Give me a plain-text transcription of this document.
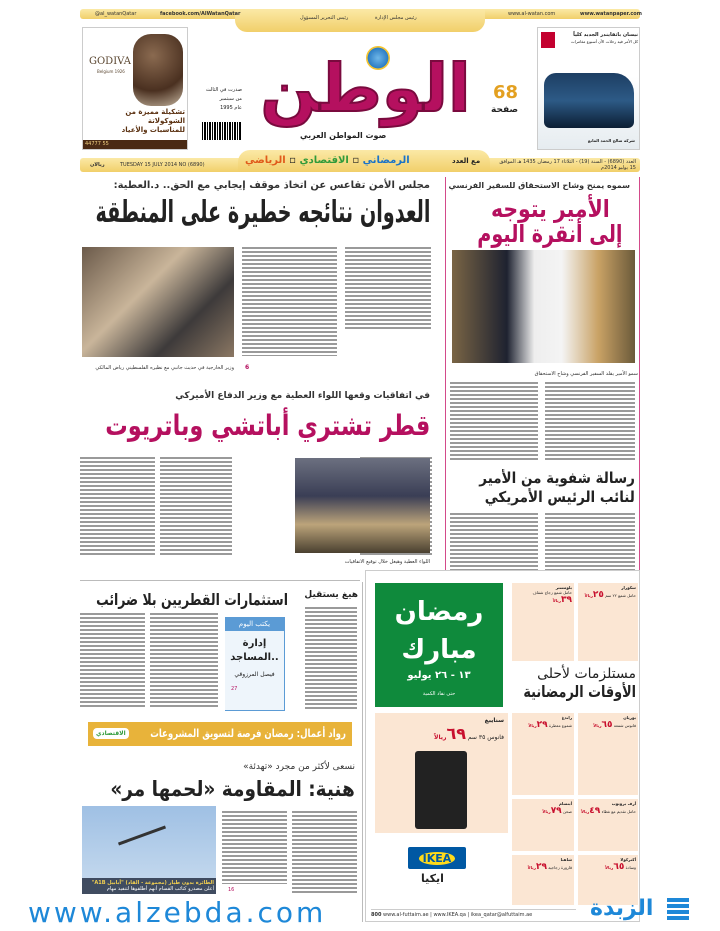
@al_watanQatar	facebook.com/AlWatanQatar
رئيس التحرير المسؤول	رئيس مجلس الإدارة
www.al-watan.com	www.watanpaper.com
GODIVA
Belgium 1926
تشكيلة مميزة من الشوكولاتة
للمناسبات والأعياد
44777 55
صدرت في الثالث
من سبتمبر
عام 1995 الوطن
صوت المواطن العربي
68
صفحة
نيسان باثفايندر الجديد كلياً
كل الأمر فيه رحلات الآن أسبوع مغامرات
شركة صالح الحمد المانع
ريالان	TUESDAY 15 JULY 2014 NO (6890)	الرمضاني ▫ الاقتصادي ▫ الرياضي	مع العدد	العدد (6890) - السنة (19) - الثلاثاء 17 رمضان 1435 هـ الموافق 15 يوليو 2014م
مجلس الأمن تقاعس عن اتخاذ موقف إيجابي مع الحق.. د.العطية:
العدوان نتائجه خطيرة على المنطقة
وزير الخارجية في حديث جانبي مع نظيره الفلسطيني رياض المالكي 6
سموه يمنح وشاح الاستحقاق للسفير الفرنسي
الأمير يتوجه
إلى أنقرة اليوم
سمو الأمير يقلد السفير الفرنسي وشاح الاستحقاق
رسالة شفوية من الأمير
لنائب الرئيس الأمريكي
في اتفاقيات وقعها اللواء العطية مع وزير الدفاع الأميركي
قطر تشتري أباتشي وباتريوت
اللواء العطية وهيغل خلال توقيع الاتفاقيات
استثمارات القطريين بلا ضرائب هيغ يستقيل
يكتب اليوم
إدارة
المساجد..
فيصل المرزوقي
27
الاقتصادي رواد أعمال: رمضان فرصة لتسويق المشروعات
نسعى لأكثر من مجرد «تهدئة»
هنية: المقاومة «لحمها مر»
الطائرة بدون طيار (مجموعة - القاد) "أبابيل A1B"
أعلن مصدرو كتائب القسام أنهم أطلقوها لتنفيذ مهام	16
رمضان
مبارك
١٣ - ٢٦ يوليو
حتى نفاد الكمية
مستلزمات لأحلى
الأوقات الرمضانية
سكورار
حامل شمع ٢٢ سم ٢٥ريالاً
بلومستر
حامل شمع زجاج شفاف ٣٩ريالاً
بوريان
فانوس شمعة ٦٥ريالاً
راندغ
شموع معطرة ٢٩ريالاً
سنايبغ
فانوس ٣٥ سم ٦٩ريالاً
أرف بروتوب
حامل تقديم مع غطاء ٤٩ريالاً
أبتسام
صحن ٧٩ريالاً
أكتركولا
وسادة ٦٥ريالاً
شاهنا
قارورة زجاجية ٢٩ريالاً
IKEA
ايكيا
800 www.al-futtaim.ae | www.IKEA.qa | ikea_qatar@alfuttaim.ae
www.alzebda.com	الزبدة
